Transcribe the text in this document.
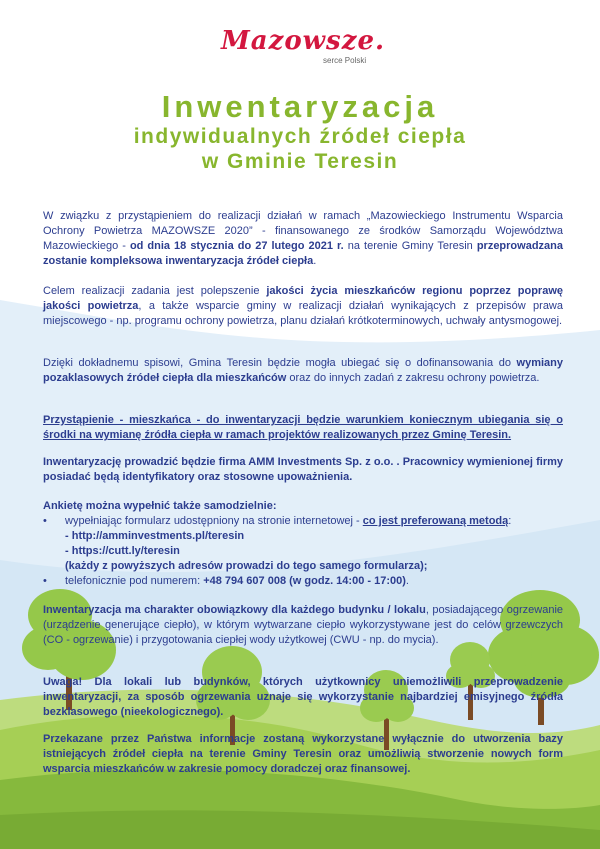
Mazowsze.
serce Polski
Inwentaryzacja
indywidualnych źródeł ciepła
w Gminie Teresin

W związku z przystąpieniem do realizacji działań w ramach „Mazowieckiego Instrumentu Wsparcia Ochrony Powietrza MAZOWSZE 2020” - finansowanego ze środków Samorządu Województwa Mazowieckiego - od dnia 18 stycznia do 27 lutego 2021 r. na terenie Gminy Teresin przeprowadzana zostanie kompleksowa inwentaryzacja źródeł ciepła.

Celem realizacji zadania jest polepszenie jakości życia mieszkańców regionu poprzez poprawę jakości powietrza, a także wsparcie gminy w realizacji działań wynikających z przepisów prawa miejscowego - np. programu ochrony powietrza, planu działań krótkoterminowych, uchwały antysmogowej.

Dzięki dokładnemu spisowi, Gmina Teresin będzie mogła ubiegać się o dofinansowania do wymiany pozaklasowych źródeł ciepła dla mieszkańców oraz do innych zadań z zakresu ochrony powietrza.

Przystąpienie - mieszkańca - do inwentaryzacji będzie warunkiem koniecznym ubiegania się o środki na wymianę źródła ciepła w ramach projektów realizowanych przez Gminę Teresin.

Inwentaryzację prowadzić będzie firma AMM Investments Sp. z o.o. . Pracownicy wymienionej firmy posiadać będą identyfikatory oraz stosowne upoważnienia.

Ankietę można wypełnić także samodzielnie:
• wypełniając formularz udostępniony na stronie internetowej - co jest preferowaną metodą:
- http://amminvestments.pl/teresin
- https://cutt.ly/teresin
(każdy z powyższych adresów prowadzi do tego samego formularza);
• telefonicznie pod numerem: +48 794 607 008 (w godz. 14:00 - 17:00).

Inwentaryzacja ma charakter obowiązkowy dla każdego budynku / lokalu, posiadającego ogrzewanie (urządzenie generujące ciepło), w którym wytwarzane ciepło wykorzystywane jest do celów grzewczych (CO - ogrzewanie) i przygotowania ciepłej wody użytkowej (CWU - np. do mycia).

Uwaga! Dla lokali lub budynków, których użytkownicy uniemożliwili przeprowadzenie inwentaryzacji, za sposób ogrzewania uznaje się wykorzystanie najbardziej emisyjnego źródła bezklasowego (nieekologicznego).

Przekazane przez Państwa informacje zostaną wykorzystane wyłącznie do utworzenia bazy istniejących źródeł ciepła na terenie Gminy Teresin oraz umożliwią stworzenie nowych form wsparcia mieszkańców w zakresie pomocy doradczej oraz finansowej.
